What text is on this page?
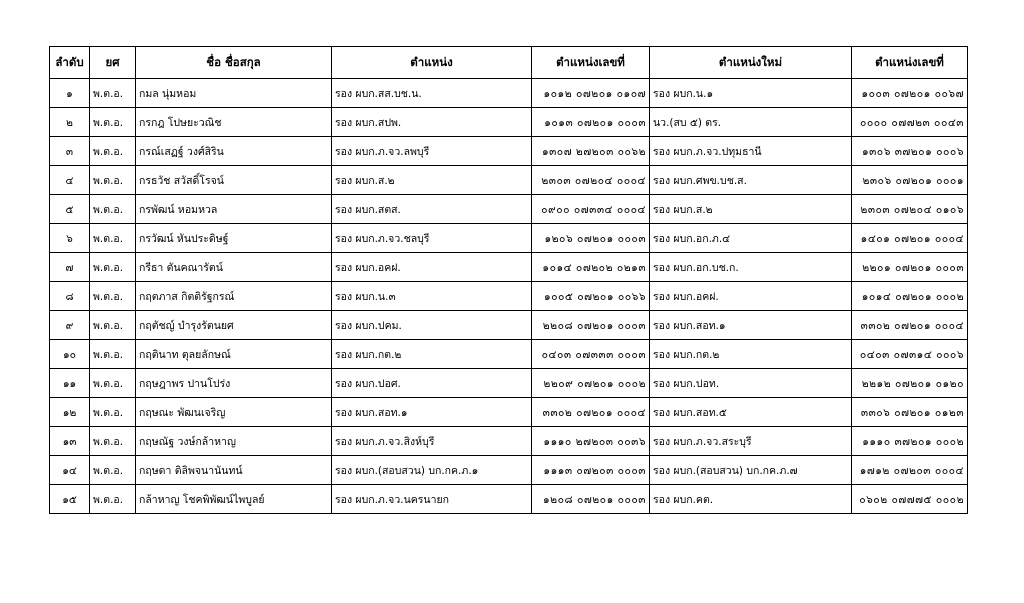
ลำดับ	ยศ	ชื่อ ชื่อสกุล	ตำแหน่ง	ตำแหน่งเลขที่	ตำแหน่งใหม่	ตำแหน่งเลขที่
๑	พ.ต.อ.	กมล นุ่มหอม	รอง ผบก.สส.บช.น.	๑๐๑๒ ๐๗๒๐๑ ๐๑๐๗	รอง ผบก.น.๑	๑๐๐๓ ๐๗๒๐๑ ๐๐๖๗
๒	พ.ต.อ.	กรกฎ โปษยะวณิช	รอง ผบก.สปพ.	๑๐๑๓ ๐๗๒๐๑ ๐๐๐๓	นว.(สบ ๕) ตร.	๐๐๐๐ ๐๗๗๒๓ ๐๐๔๓
๓	พ.ต.อ.	กรณ์เสฏฐ์ วงศ์สิริน	รอง ผบก.ภ.จว.ลพบุรี	๑๓๐๗ ๒๗๒๐๓ ๐๐๖๒	รอง ผบก.ภ.จว.ปทุมธานี	๑๓๐๖ ๓๗๒๐๑ ๐๐๐๖
๔	พ.ต.อ.	กรธวัช สวัสดิ์โรจน์	รอง ผบก.ส.๒	๒๓๐๓ ๐๗๒๐๔ ๐๐๐๔	รอง ผบก.ศพข.บช.ส.	๒๓๐๖ ๐๗๒๐๑ ๐๐๐๑
๕	พ.ต.อ.	กรพัฒน์ หอมหวล	รอง ผบก.สตส.	๐๙๐๐ ๐๗๓๓๔ ๐๐๐๔	รอง ผบก.ส.๒	๒๓๐๓ ๐๗๒๐๔ ๐๑๐๖
๖	พ.ต.อ.	กรวัฒน์ หันประดิษฐ์	รอง ผบก.ภ.จว.ชลบุรี	๑๒๐๖ ๐๗๒๐๑ ๐๐๐๓	รอง ผบก.อก.ภ.๔	๑๔๐๑ ๐๗๒๐๑ ๐๐๐๔
๗	พ.ต.อ.	กรีธา ตันคณารัตน์	รอง ผบก.อคฝ.	๑๐๑๔ ๐๗๒๐๒ ๐๒๑๓	รอง ผบก.อก.บช.ก.	๒๒๐๑ ๐๗๒๐๑ ๐๐๐๓
๘	พ.ต.อ.	กฤตภาส กิตติรัฐกรณ์	รอง ผบก.น.๓	๑๐๐๕ ๐๗๒๐๑ ๐๐๖๖	รอง ผบก.อคฝ.	๑๐๑๔ ๐๗๒๐๑ ๐๐๐๒
๙	พ.ต.อ.	กฤตัชญ์ บำรุงรัตนยศ	รอง ผบก.ปคม.	๒๒๐๘ ๐๗๒๐๑ ๐๐๐๓	รอง ผบก.สอท.๑	๓๓๐๒ ๐๗๒๐๑ ๐๐๐๔
๑๐	พ.ต.อ.	กฤตินาท ตุลยลักษณ์	รอง ผบก.กต.๒	๐๔๐๓ ๐๗๓๓๓ ๐๐๐๓	รอง ผบก.กต.๒	๐๔๐๓ ๐๗๓๑๔ ๐๐๐๖
๑๑	พ.ต.อ.	กฤษฎาพร ปานโปร่ง	รอง ผบก.ปอศ.	๒๒๐๙ ๐๗๒๐๑ ๐๐๐๒	รอง ผบก.ปอท.	๒๒๑๒ ๐๗๒๐๑ ๐๑๒๐
๑๒	พ.ต.อ.	กฤษณะ พัฒนเจริญ	รอง ผบก.สอท.๑	๓๓๐๒ ๐๗๒๐๑ ๐๐๐๔	รอง ผบก.สอท.๕	๓๓๐๖ ๐๗๒๐๑ ๐๑๒๓
๑๓	พ.ต.อ.	กฤษณัฐ วงษ์กล้าหาญ	รอง ผบก.ภ.จว.สิงห์บุรี	๑๑๑๐ ๒๗๒๐๓ ๐๐๓๖	รอง ผบก.ภ.จว.สระบุรี	๑๑๑๐ ๓๗๒๐๑ ๐๐๐๒
๑๔	พ.ต.อ.	กฤษดา ติลิพจนานันทน์	รอง ผบก.(สอบสวน) บก.กค.ภ.๑	๑๑๑๓ ๐๗๒๐๓ ๐๐๐๓	รอง ผบก.(สอบสวน) บก.กค.ภ.๗	๑๗๑๒ ๐๗๒๐๓ ๐๐๐๔
๑๕	พ.ต.อ.	กล้าหาญ โชคพิพัฒน์ไพบูลย์	รอง ผบก.ภ.จว.นครนายก	๑๒๐๘ ๐๗๒๐๑ ๐๐๐๓	รอง ผบก.คต.	๐๖๐๒ ๐๗๗๗๕ ๐๐๐๒
